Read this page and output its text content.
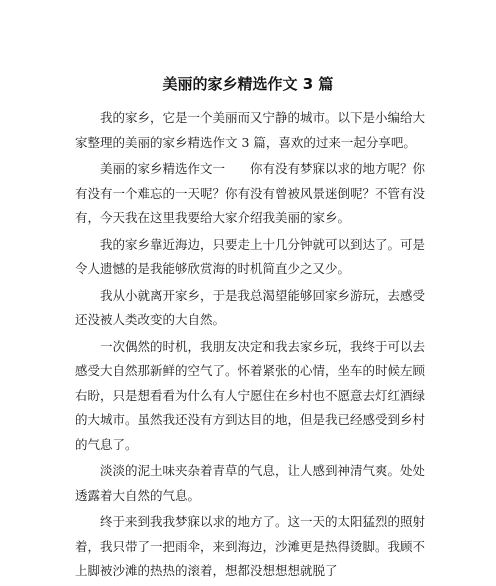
美丽的家乡精选作文 3 篇

我的家乡，它是一个美丽而又宁静的城市。以下是小编给大家整理的美丽的家乡精选作文 3 篇，喜欢的过来一起分享吧。

美丽的家乡精选作文一　　你有没有梦寐以求的地方呢？你有没有一个难忘的一天呢？你有没有曾被风景迷倒呢？不管有没有，今天我在这里我要给大家介绍我美丽的家乡。

我的家乡靠近海边，只要走上十几分钟就可以到达了。可是令人遗憾的是我能够欣赏海的时机简直少之又少。

我从小就离开家乡，于是我总渴望能够回家乡游玩，去感受还没被人类改变的大自然。

一次偶然的时机，我朋友决定和我去家乡玩，我终于可以去感受大自然那新鲜的空气了。怀着紧张的心情，坐车的时候左顾右盼，只是想看看为什么有人宁愿住在乡村也不愿意去灯红酒绿的大城市。虽然我还没有方到达目的地，但是我已经感受到乡村的气息了。

淡淡的泥土味夹杂着青草的气息，让人感到神清气爽。处处透露着大自然的气息。

终于来到我我梦寐以求的地方了。这一天的太阳猛烈的照射着，我只带了一把雨伞，来到海边，沙滩更是热得烫脚。我顾不上脚被沙滩的热热的滚着，想都没想想想就脱了
